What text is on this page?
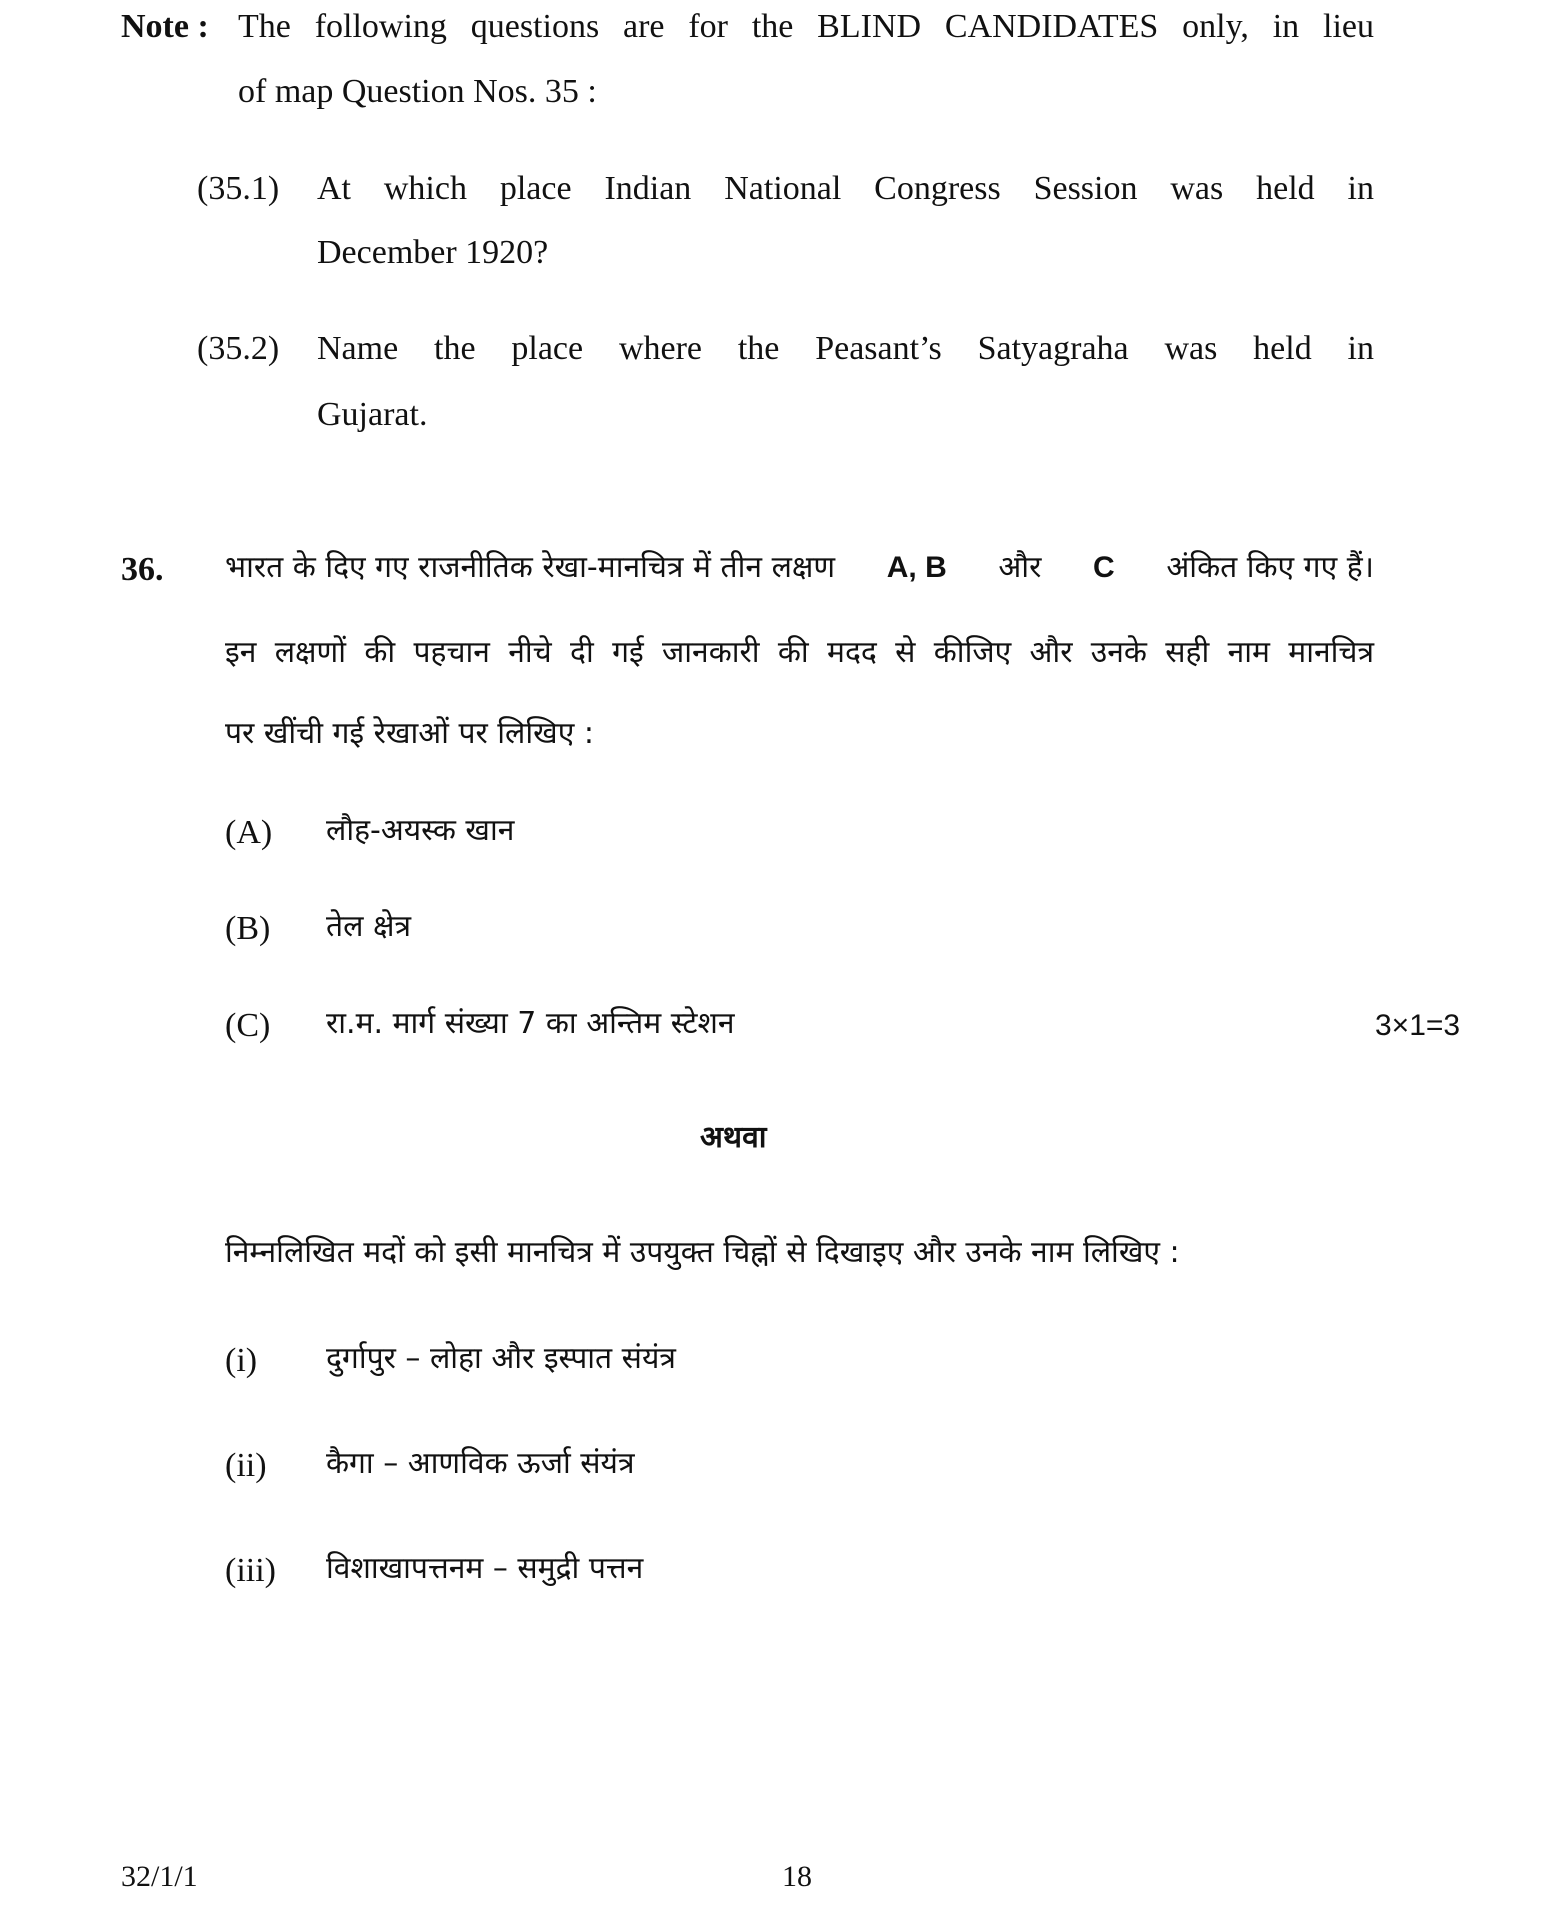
Note : The following questions are for the BLIND CANDIDATES only, in lieu
of map Question Nos. 35 :
(35.1) At which place Indian National Congress Session was held in
December 1920?
(35.2) Name the place where the Peasant’s Satyagraha was held in
Gujarat.
36. भारत के दिए गए राजनीतिक रेखा-मानचित्र में तीन लक्षण A, B और C अंकित किए गए हैं।
इन लक्षणों की पहचान नीचे दी गई जानकारी की मदद से कीजिए और उनके सही नाम मानचित्र
पर खींची गई रेखाओं पर लिखिए :
(A) लौह-अयस्क खान
(B) तेल क्षेत्र
(C) रा.म. मार्ग संख्या 7 का अन्तिम स्टेशन	3×1=3
अथवा
निम्नलिखित मदों को इसी मानचित्र में उपयुक्त चिह्नों से दिखाइए और उनके नाम लिखिए :
(i) दुर्गापुर – लोहा और इस्पात संयंत्र
(ii) कैगा – आणविक ऊर्जा संयंत्र
(iii) विशाखापत्तनम – समुद्री पत्तन
32/1/1	18
